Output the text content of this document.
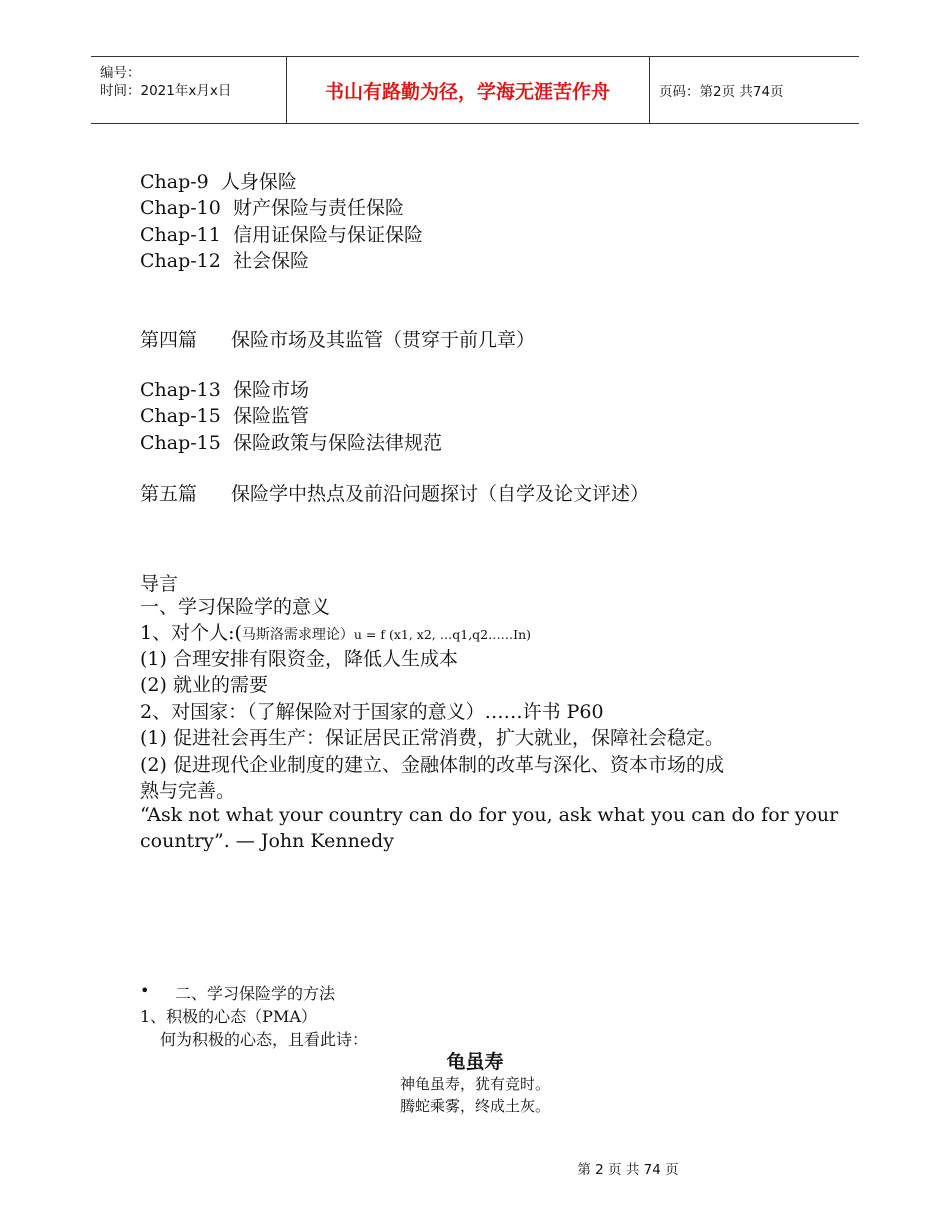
编号：
时间：2021年x月x日	书山有路勤为径，学海无涯苦作舟	页码：第2页 共74页
Chap-9 人身保险
Chap-10 财产保险与责任保险
Chap-11 信用证保险与保证保险
Chap-12 社会保险
第四篇 保险市场及其监管（贯穿于前几章）
Chap-13 保险市场
Chap-15 保险监管
Chap-15 保险政策与保险法律规范
第五篇 保险学中热点及前沿问题探讨（自学及论文评述）
导言
一、学习保险学的意义
1、对个人:(马斯洛需求理论）u = f (x1, x2, …q1,q2……In)
(1) 合理安排有限资金，降低人生成本
(2) 就业的需要
2、对国家：（了解保险对于国家的意义）……许书 P60
(1) 促进社会再生产：保证居民正常消费，扩大就业，保障社会稳定。
(2) 促进现代企业制度的建立、金融体制的改革与深化、资本市场的成
熟与完善。
“Ask not what your country can do for you, ask what you can do for your
country”. — John Kennedy
• 二、学习保险学的方法
1、积极的心态（PMA）
何为积极的心态，且看此诗：
龟虽寿
神龟虽寿，犹有竞时。
腾蛇乘雾，终成土灰。
第 2 页 共 74 页
